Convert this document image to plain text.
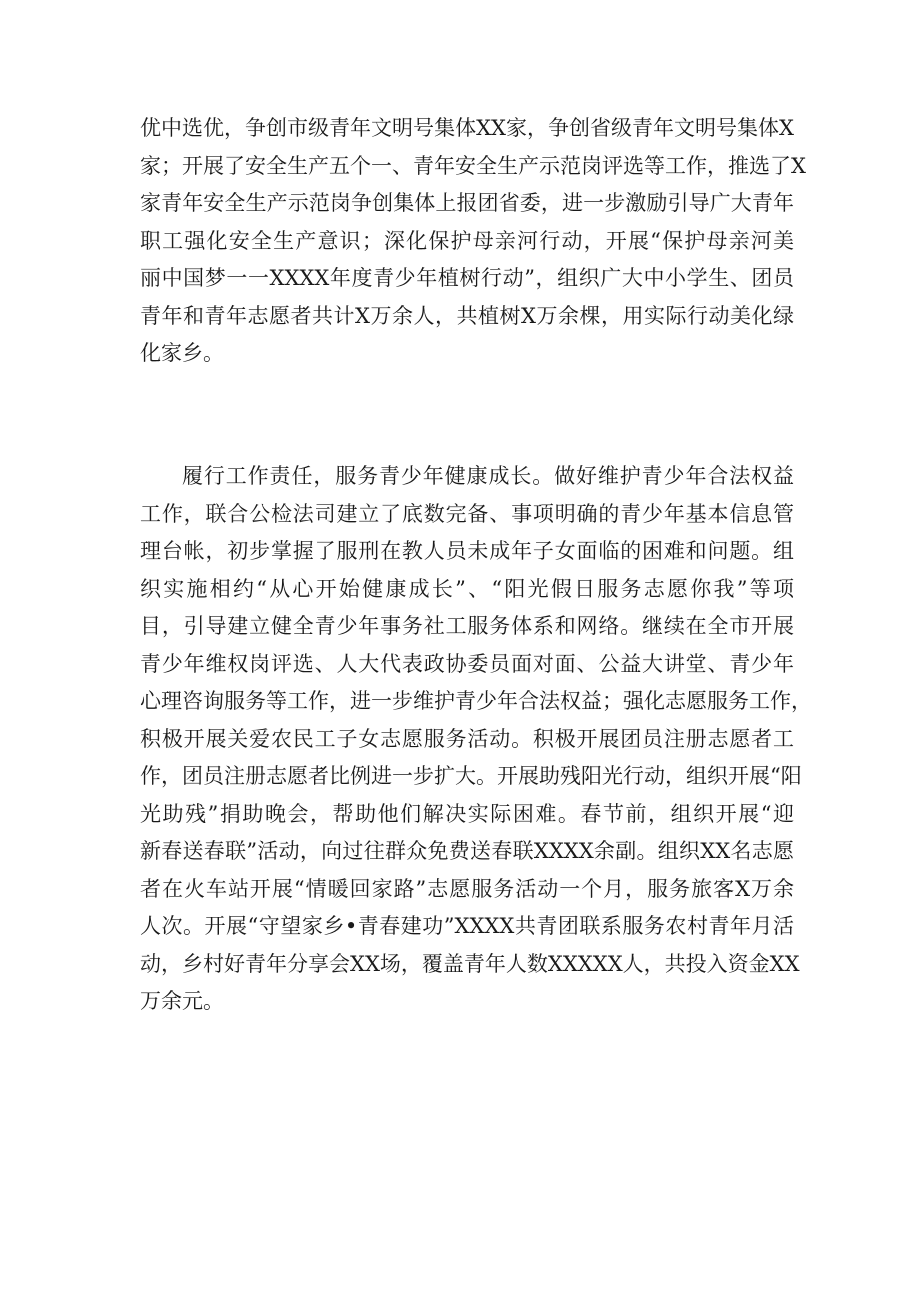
优中选优，争创市级青年文明号集体XX家，争创省级青年文明号集体X
家；开展了安全生产五个一、青年安全生产示范岗评选等工作，推选了X
家青年安全生产示范岗争创集体上报团省委，进一步激励引导广大青年
职工强化安全生产意识；深化保护母亲河行动，开展“保护母亲河美
丽中国梦一一XXXX年度青少年植树行动”，组织广大中小学生、团员
青年和青年志愿者共计X万余人，共植树X万余棵，用实际行动美化绿
化家乡。
履行工作责任，服务青少年健康成长。做好维护青少年合法权益
工作，联合公检法司建立了底数完备、事项明确的青少年基本信息管
理台帐，初步掌握了服刑在教人员未成年子女面临的困难和问题。组
织实施相约“从心开始健康成长”、“阳光假日服务志愿你我”等项
目，引导建立健全青少年事务社工服务体系和网络。继续在全市开展
青少年维权岗评选、人大代表政协委员面对面、公益大讲堂、青少年
心理咨询服务等工作，进一步维护青少年合法权益；强化志愿服务工作，
积极开展关爱农民工子女志愿服务活动。积极开展团员注册志愿者工
作，团员注册志愿者比例进一步扩大。开展助残阳光行动，组织开展“阳
光助残”捐助晚会，帮助他们解决实际困难。春节前，组织开展“迎
新春送春联”活动，向过往群众免费送春联XXXX余副。组织XX名志愿
者在火车站开展“情暖回家路”志愿服务活动一个月，服务旅客X万余
人次。开展“守望家乡•青春建功”XXXX共青团联系服务农村青年月活
动，乡村好青年分享会XX场，覆盖青年人数XXXXX人，共投入资金XX
万余元。
